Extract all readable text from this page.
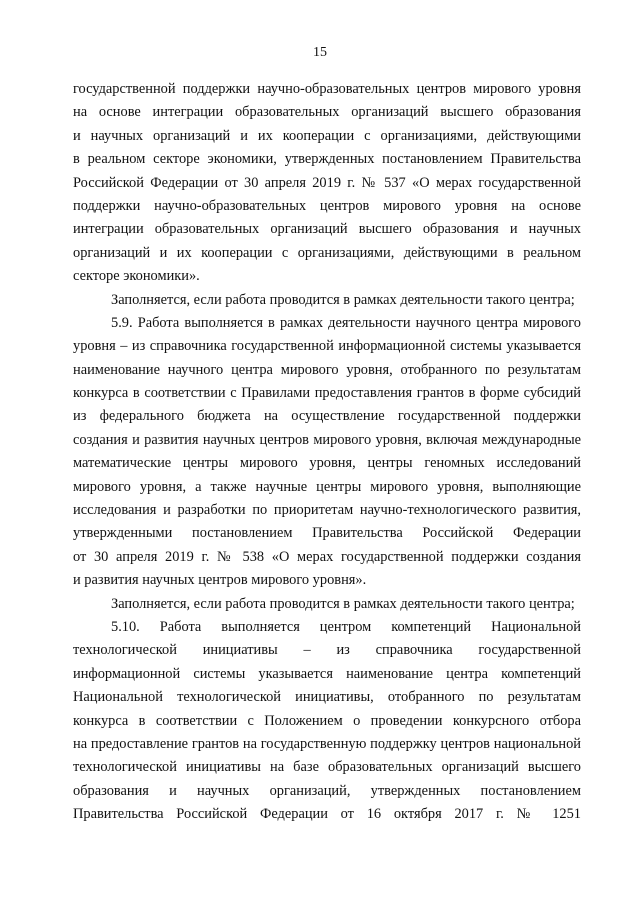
15
государственной поддержки научно-образовательных центров мирового уровня
на основе интеграции образовательных организаций высшего образования
и научных организаций и их кооперации с организациями, действующими
в реальном секторе экономики, утвержденных постановлением Правительства
Российской Федерации от 30 апреля 2019 г. № 537 «О мерах государственной
поддержки научно-образовательных центров мирового уровня на основе
интеграции образовательных организаций высшего образования и научных
организаций и их кооперации с организациями, действующими в реальном
секторе экономики».
Заполняется, если работа проводится в рамках деятельности такого центра;
5.9. Работа выполняется в рамках деятельности научного центра мирового
уровня – из справочника государственной информационной системы указывается
наименование научного центра мирового уровня, отобранного по результатам
конкурса в соответствии с Правилами предоставления грантов в форме субсидий
из федерального бюджета на осуществление государственной поддержки
создания и развития научных центров мирового уровня, включая международные
математические центры мирового уровня, центры геномных исследований
мирового уровня, а также научные центры мирового уровня, выполняющие
исследования и разработки по приоритетам научно-технологического развития,
утвержденными постановлением Правительства Российской Федерации
от 30 апреля 2019 г. № 538 «О мерах государственной поддержки создания
и развития научных центров мирового уровня».
Заполняется, если работа проводится в рамках деятельности такого центра;
5.10. Работа выполняется центром компетенций Национальной
технологической инициативы – из справочника государственной
информационной системы указывается наименование центра компетенций
Национальной технологической инициативы, отобранного по результатам
конкурса в соответствии с Положением о проведении конкурсного отбора
на предоставление грантов на государственную поддержку центров национальной
технологической инициативы на базе образовательных организаций высшего
образования и научных организаций, утвержденных постановлением
Правительства Российской Федерации от 16 октября 2017 г. № 1251
